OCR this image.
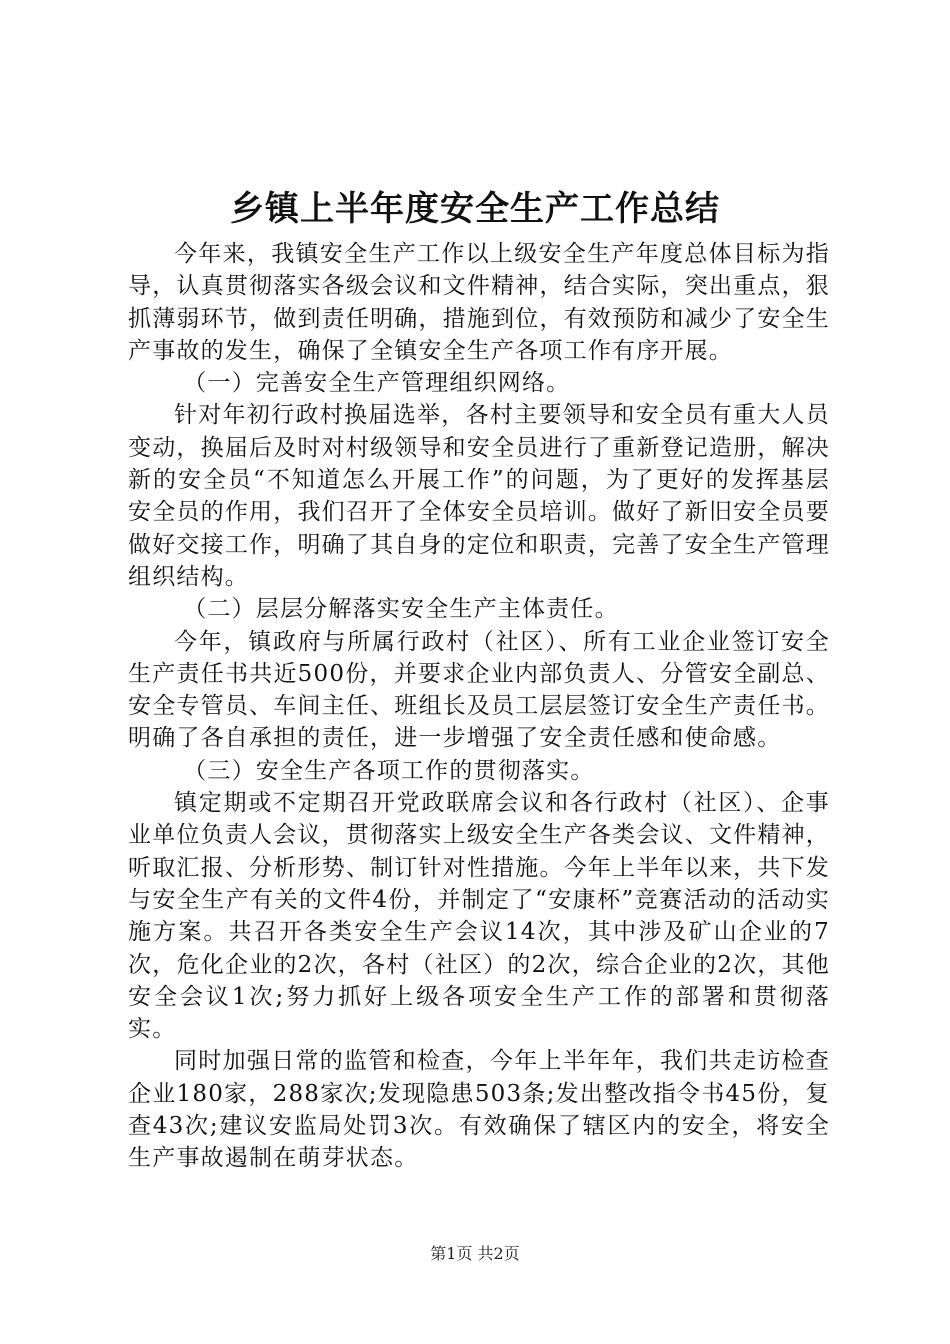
乡镇上半年度安全生产工作总结

今年来，我镇安全生产工作以上级安全生产年度总体目标为指导，认真贯彻落实各级会议和文件精神，结合实际，突出重点，狠抓薄弱环节，做到责任明确，措施到位，有效预防和减少了安全生产事故的发生，确保了全镇安全生产各项工作有序开展。

（一）完善安全生产管理组织网络。

针对年初行政村换届选举，各村主要领导和安全员有重大人员变动，换届后及时对村级领导和安全员进行了重新登记造册，解决新的安全员“不知道怎么开展工作”的问题，为了更好的发挥基层安全员的作用，我们召开了全体安全员培训。做好了新旧安全员要做好交接工作，明确了其自身的定位和职责，完善了安全生产管理组织结构。

（二）层层分解落实安全生产主体责任。

今年，镇政府与所属行政村（社区）、所有工业企业签订安全生产责任书共近500份，并要求企业内部负责人、分管安全副总、安全专管员、车间主任、班组长及员工层层签订安全生产责任书。明确了各自承担的责任，进一步增强了安全责任感和使命感。

（三）安全生产各项工作的贯彻落实。

镇定期或不定期召开党政联席会议和各行政村（社区）、企事业单位负责人会议，贯彻落实上级安全生产各类会议、文件精神，听取汇报、分析形势、制订针对性措施。今年上半年以来，共下发与安全生产有关的文件4份，并制定了“安康杯”竞赛活动的活动实施方案。共召开各类安全生产会议14次，其中涉及矿山企业的7次，危化企业的2次，各村（社区）的2次，综合企业的2次，其他安全会议1次;努力抓好上级各项安全生产工作的部署和贯彻落实。

同时加强日常的监管和检查，今年上半年年，我们共走访检查企业180家，288家次;发现隐患503条;发出整改指令书45份，复查43次;建议安监局处罚3次。有效确保了辖区内的安全，将安全生产事故遏制在萌芽状态。

第1页 共2页
